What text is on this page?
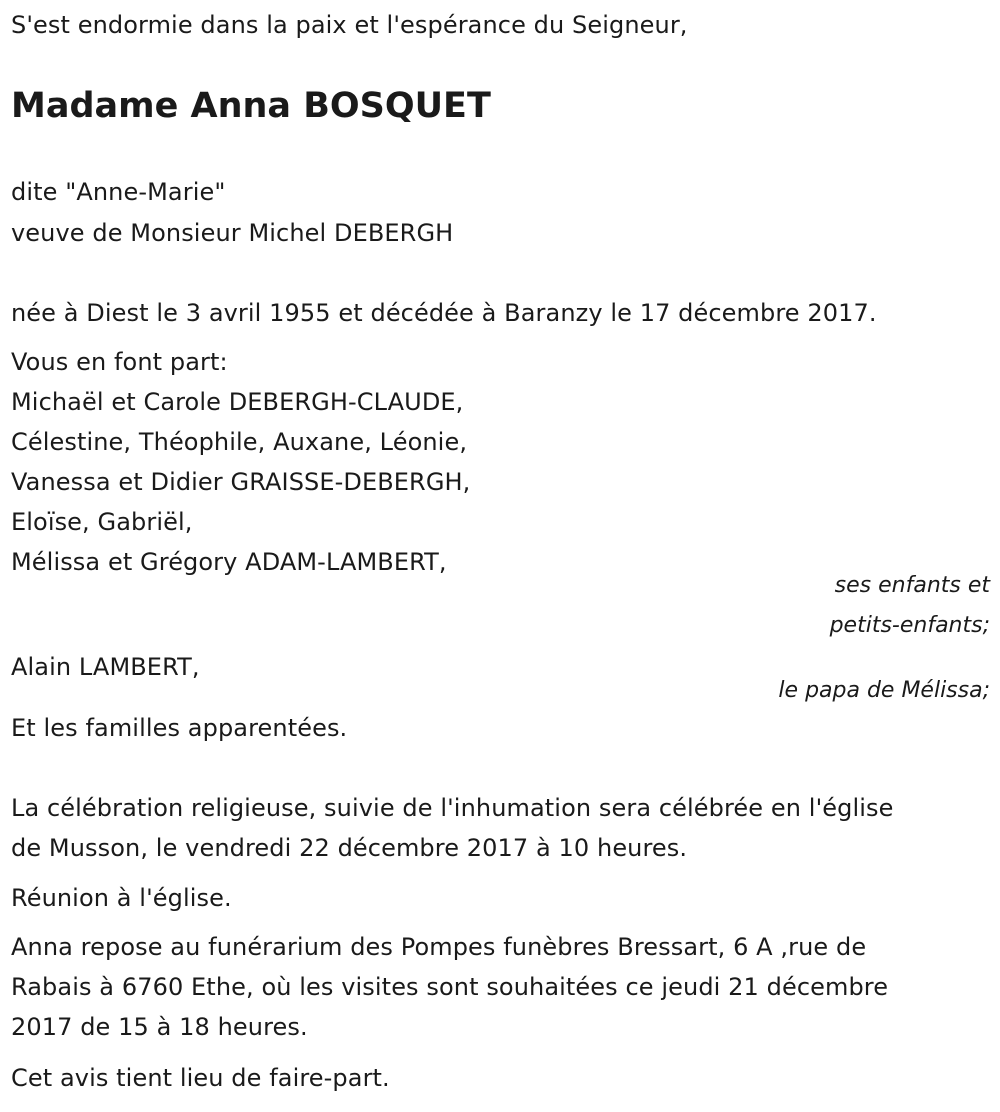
S'est endormie dans la paix et l'espérance du Seigneur,
Madame Anna BOSQUET
dite "Anne-Marie"
veuve de Monsieur Michel DEBERGH
née à Diest le 3 avril 1955 et décédée à Baranzy le 17 décembre 2017.
Vous en font part:
Michaël et Carole DEBERGH-CLAUDE,
Célestine, Théophile, Auxane, Léonie,
Vanessa et Didier GRAISSE-DEBERGH,
Eloïse, Gabriël,
Mélissa et Grégory ADAM-LAMBERT,
ses enfants et
petits-enfants;
Alain LAMBERT,
le papa de Mélissa;
Et les familles apparentées.
La célébration religieuse, suivie de l'inhumation sera célébrée en l'église
de Musson, le vendredi 22 décembre 2017 à 10 heures.
Réunion à l'église.
Anna repose au funérarium des Pompes funèbres Bressart, 6 A ,rue de
Rabais à 6760 Ethe, où les visites sont souhaitées ce jeudi 21 décembre
2017 de 15 à 18 heures.
Cet avis tient lieu de faire-part.
